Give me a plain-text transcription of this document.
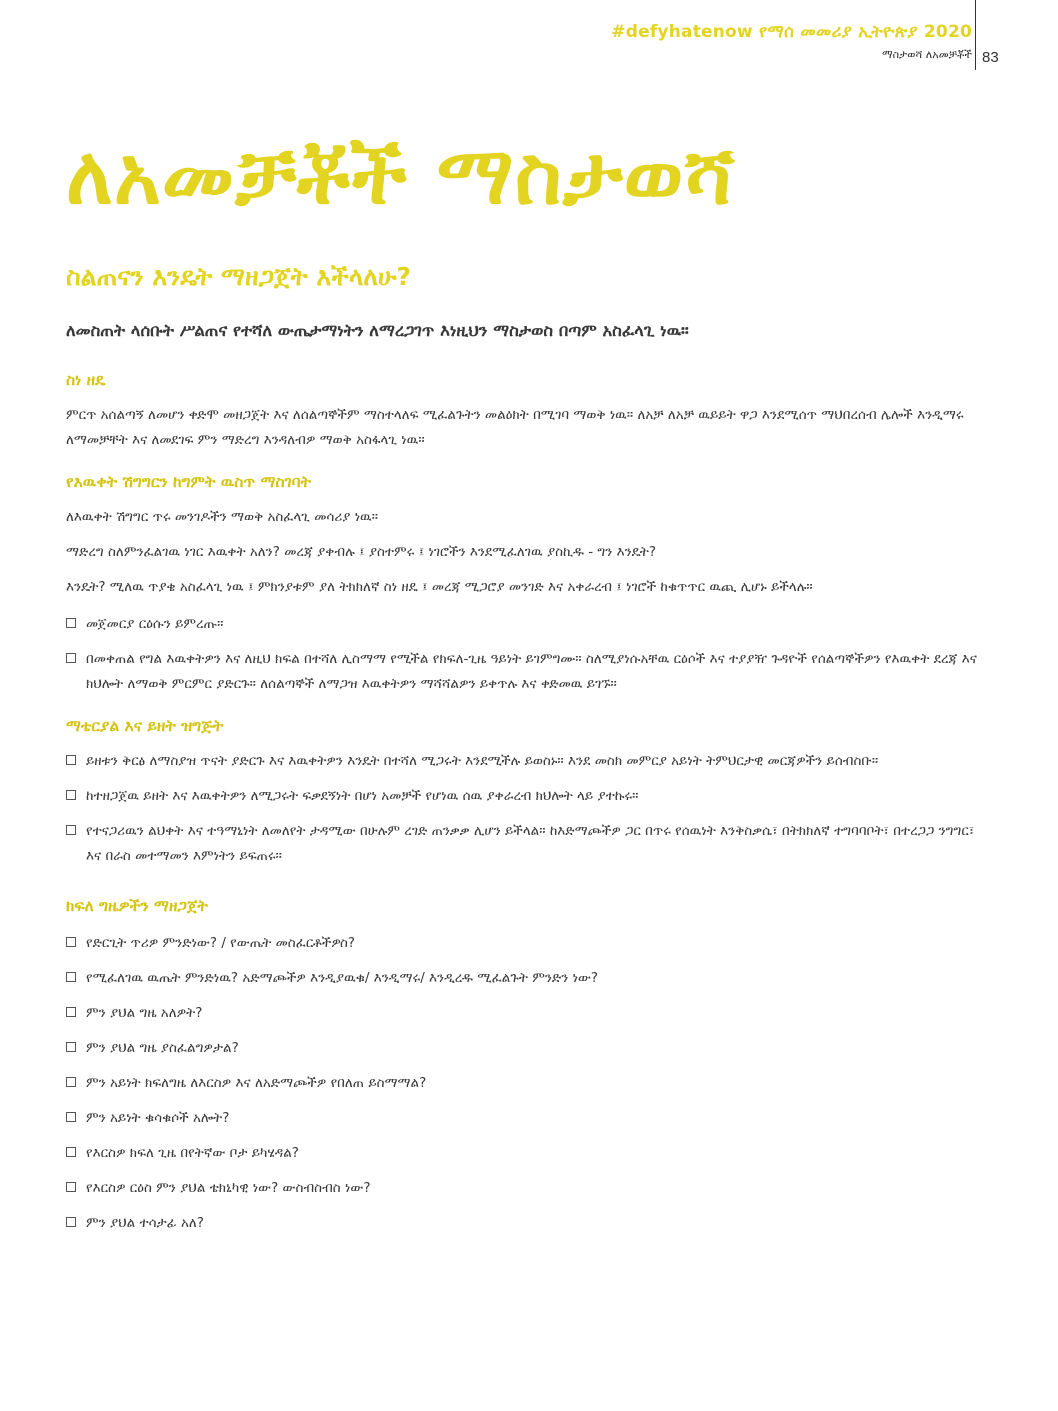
#defyhatenow የማሰ መመሪያ ኢትዮጵያ 2020
ማስታወሻ ለአመቻቾች 83
ለአመቻቾች ማስታወሻ
ስልጠናን እንዴት ማዘጋጀት እችላለሁ?
ለመስጠት ላሰቡት ሥልጠና የተሻለ ውጤታማነትን ለማረጋገጥ እነዚህን ማስታወስ በጣም አስፈላጊ ነዉ።
ስነ ዘዴ

ምርጥ አሰልጣኝ ለመሆን ቀድሞ መዘጋጀት እና ለሰልጣኞችም ማስተላለፍ ሚፈልጉትን መልዕክት በሚገባ ማወቅ ነዉ። ለአቻ ለአቻ ዉይይት ዋጋ እንደሚሰጥ ማህበረሰብ ሌሎች እንዲማሩ ለማመቻቸት እና ለመደገፍ ምን ማድረግ እንዳለብዎ ማወቅ አስፋላጊ ነዉ።

የእዉቀት ሽግግርን ከግምት ዉስጥ ማስገባት

ለእዉቀት ሽግግር ጥሩ መንገዶችን ማወቅ አስፈላጊ መሳሪያ ነዉ።

ማድረግ ስለምንፈልገዉ ነገር እዉቀት አለን? መረጃ ያቀብሉ ፤ ያስተምሩ ፤ ነገሮችን እንደሚፈለገዉ ያስኪዱ - ግን እንዴት?

እንዴት? ሚለዉ ጥያቄ አስፈላጊ ነዉ ፤ ምክንያቱም ያለ ትክክለኛ ስነ ዘዴ ፤ መረጃ ሚጋሮያ መንገድ እና አቀራረብ ፤ ነገሮች ከቁጥጥር ዉጪ ሊሆኑ ይችላሉ።

መጀመርያ ርዕሱን ይምረጡ።
በመቀጠል የግል እዉቀትዎን እና ለዚህ ክፍል በተሻለ ሊስማማ የሚችል የክፍለ-ጊዜ ዓይነት ይገምግሙ። ስለሚያነሱአቸዉ ርዕሶች እና ተያያዥ ጉዳዮች የሰልጣኞችዎን የእዉቀት ደረጃ እና ክህሎት ለማወቅ ምርምር ያድርጉ። ለሰልጣኞች ለማጋዝ እዉቀትዎን ማሻሻልዎን ይቀጥሉ እና ቀድመዉ ይገኙ።
ማቴርያል እና ይዘት ዝግጅት
ይዘቱን ቅርፅ ለማስያዝ ጥናት ያድርጉ እና እዉቀትዎን እንዴት በተሻለ ሚጋሩት እንደሚችሉ ይወስኑ። እንደ መስክ መምርያ አይነት ትምህርታዊ መርጃዎችን ይሰብስቡ።
ከተዘጋጀዉ ይዘት እና እዉቀትዎን ለሚጋሩት ፍቃደኝነት በሆነ አመቻች የሆነዉ ሰዉ ያቀራረብ ክህሎት ላይ ያተኩሩ።
የተናጋሪዉን ልህቀት እና ተዓማኒነት ለመለየት ታዳሚው በሁሉም ረገድ ጠንቃቃ ሊሆን ይችላል። ከእድማጮችዎ ጋር በጥሩ የሰዉነት እንቅስቃሴ፣ በትክክለኛ ተግባባቦት፣ በተረጋጋ ንግግር፣ እና በራስ መተማመን እምነትን ይፍጠሩ።
ክፍለ ግዜዎችን ማዘጋጀት
የድርጊት ጥሪዎ ምንድነው? / የውጤት መስፈርቶችዎስ?
የሚፈለገዉ ዉጤት ምንድነዉ? አድማጮችዎ እንዲያዉቁ/ እንዲማሩ/ እንዲረዱ ሚፈልጉት ምንድን ነው?
ምን ያህል ግዜ አለዎት?
ምን ያህል ግዜ ያስፈልግዎታል?
ምን አይነት ክፍለግዜ ለእርስዎ እና ለአድማጮችዎ የበለጠ ይስማማል?
ምን አይነት ቁሳቁሶች አሎት?
የእርስዎ ክፍለ ጊዜ በየትኛው ቦታ ይካሄዳል?
የእርስዎ ርዕስ ምን ያህል ቴክኒካዊ ነው? ውስብስብስ ነው?
ምን ያህል ተሳታፊ አለ?
